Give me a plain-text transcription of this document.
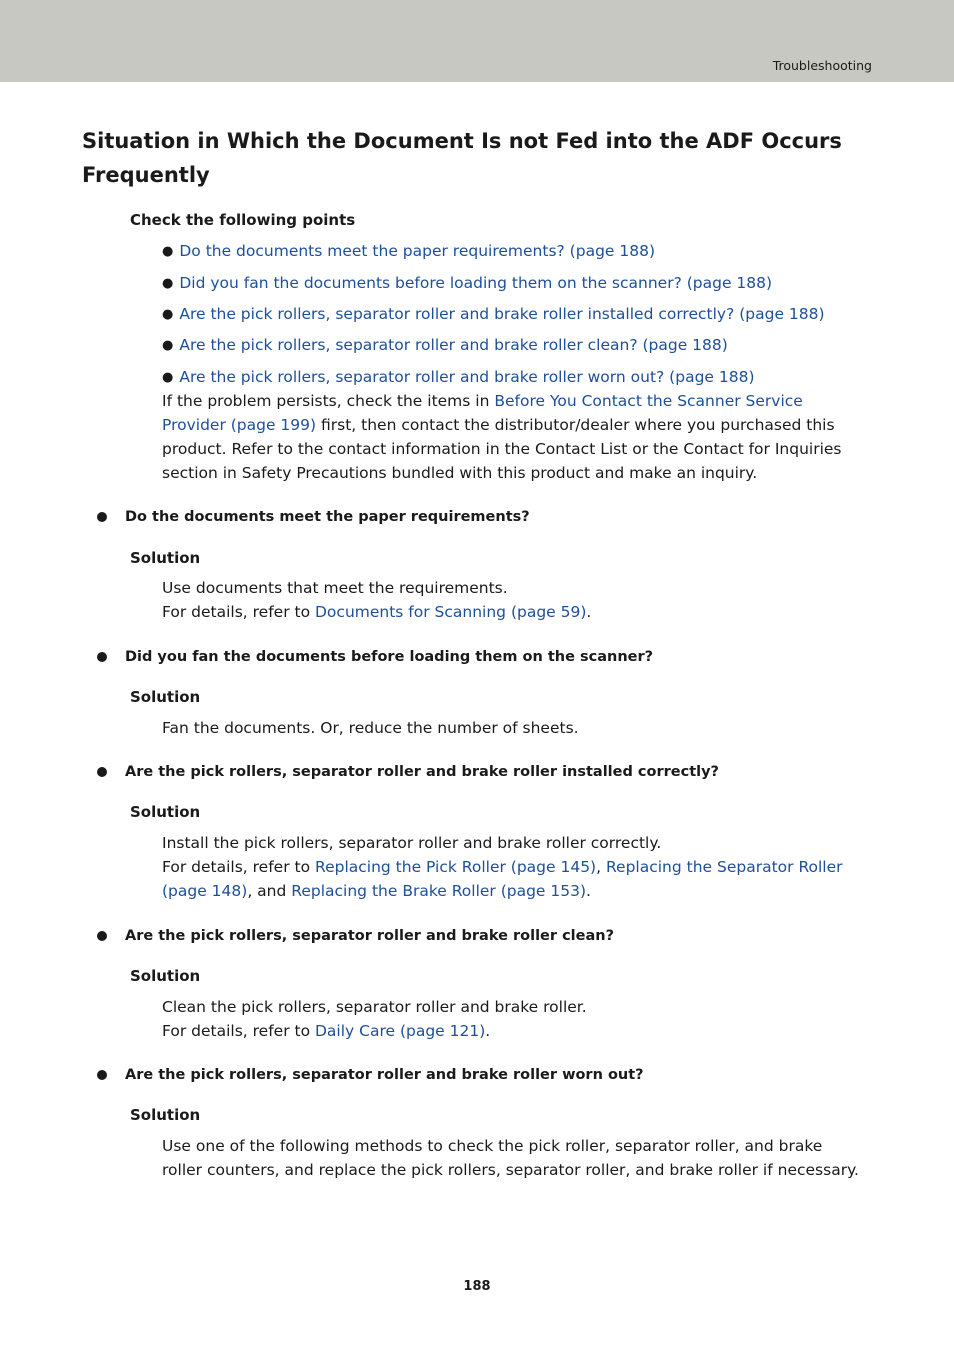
Troubleshooting
Situation in Which the Document Is not Fed into the ADF Occurs Frequently
Check the following points
● Do the documents meet the paper requirements? (page 188)
● Did you fan the documents before loading them on the scanner? (page 188)
● Are the pick rollers, separator roller and brake roller installed correctly? (page 188)
● Are the pick rollers, separator roller and brake roller clean? (page 188)
● Are the pick rollers, separator roller and brake roller worn out? (page 188)
If the problem persists, check the items in Before You Contact the Scanner Service Provider (page 199) first, then contact the distributor/dealer where you purchased this product. Refer to the contact information in the Contact List or the Contact for Inquiries section in Safety Precautions bundled with this product and make an inquiry.
Do the documents meet the paper requirements?
Solution
Use documents that meet the requirements.
For details, refer to Documents for Scanning (page 59).
Did you fan the documents before loading them on the scanner?
Solution
Fan the documents. Or, reduce the number of sheets.
Are the pick rollers, separator roller and brake roller installed correctly?
Solution
Install the pick rollers, separator roller and brake roller correctly.
For details, refer to Replacing the Pick Roller (page 145), Replacing the Separator Roller (page 148), and Replacing the Brake Roller (page 153).
Are the pick rollers, separator roller and brake roller clean?
Solution
Clean the pick rollers, separator roller and brake roller.
For details, refer to Daily Care (page 121).
Are the pick rollers, separator roller and brake roller worn out?
Solution
Use one of the following methods to check the pick roller, separator roller, and brake roller counters, and replace the pick rollers, separator roller, and brake roller if necessary.
188
